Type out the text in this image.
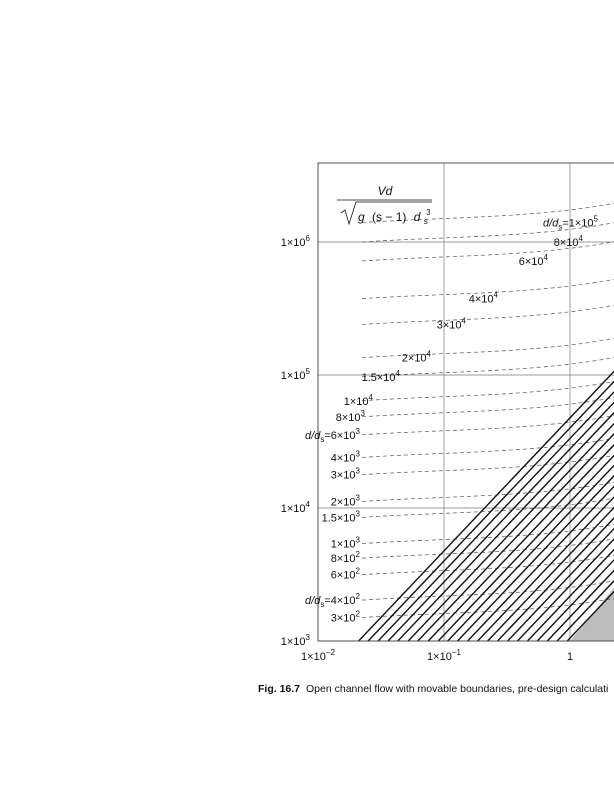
$1\times 10^3$
$1\times 10^4$
$1\times 10^5$
$1\times 10^6$
$1\times 10^{-2}$	$1\times 10^{-1}$	1
$d/d_s=1\times 10^5$
$8\times 10^4$
$6\times 10^4$
$4\times 10^4$
$3\times 10^4$
$2\times 10^4$
$1.5\times 10^4$
$1\times 10^4$
$8\times 10^3$
$d/d_s=6\times 10^3$
$4\times 10^3$
$3\times 10^3$
$2\times 10^3$
$1.5\times 10^3$
$1\times 10^3$
$8\times 10^2$
$6\times 10^2$
$d/d_s=4\times 10^2$
$3\times 10^2$
Vd
g (s − 1) d $_s$ 3
Fig. 16.7 Open channel flow with movable boundaries, pre-design calculati
